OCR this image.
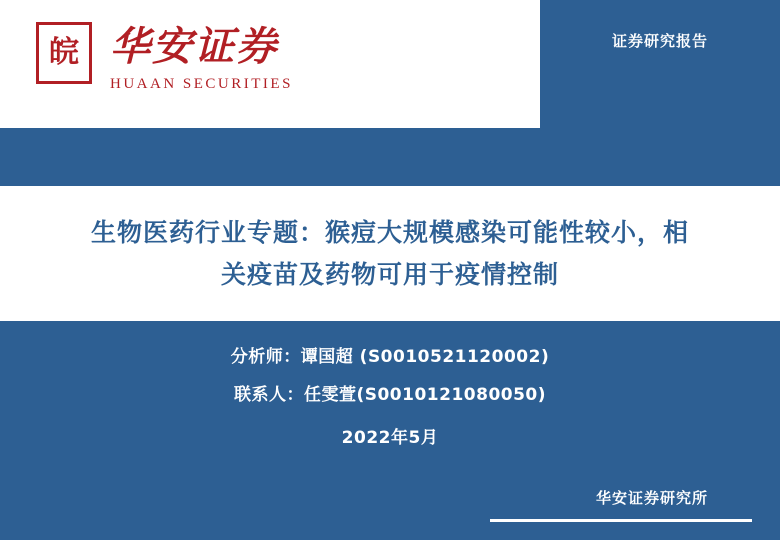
皖 华安证券
HUAAN SECURITIES
证券研究报告
生物医药行业专题：猴痘大规模感染可能性较小，相
关疫苗及药物可用于疫情控制
分析师：谭国超 (S0010521120002)
联系人：任雯萱(S0010121080050)
2022年5月
华安证券研究所
